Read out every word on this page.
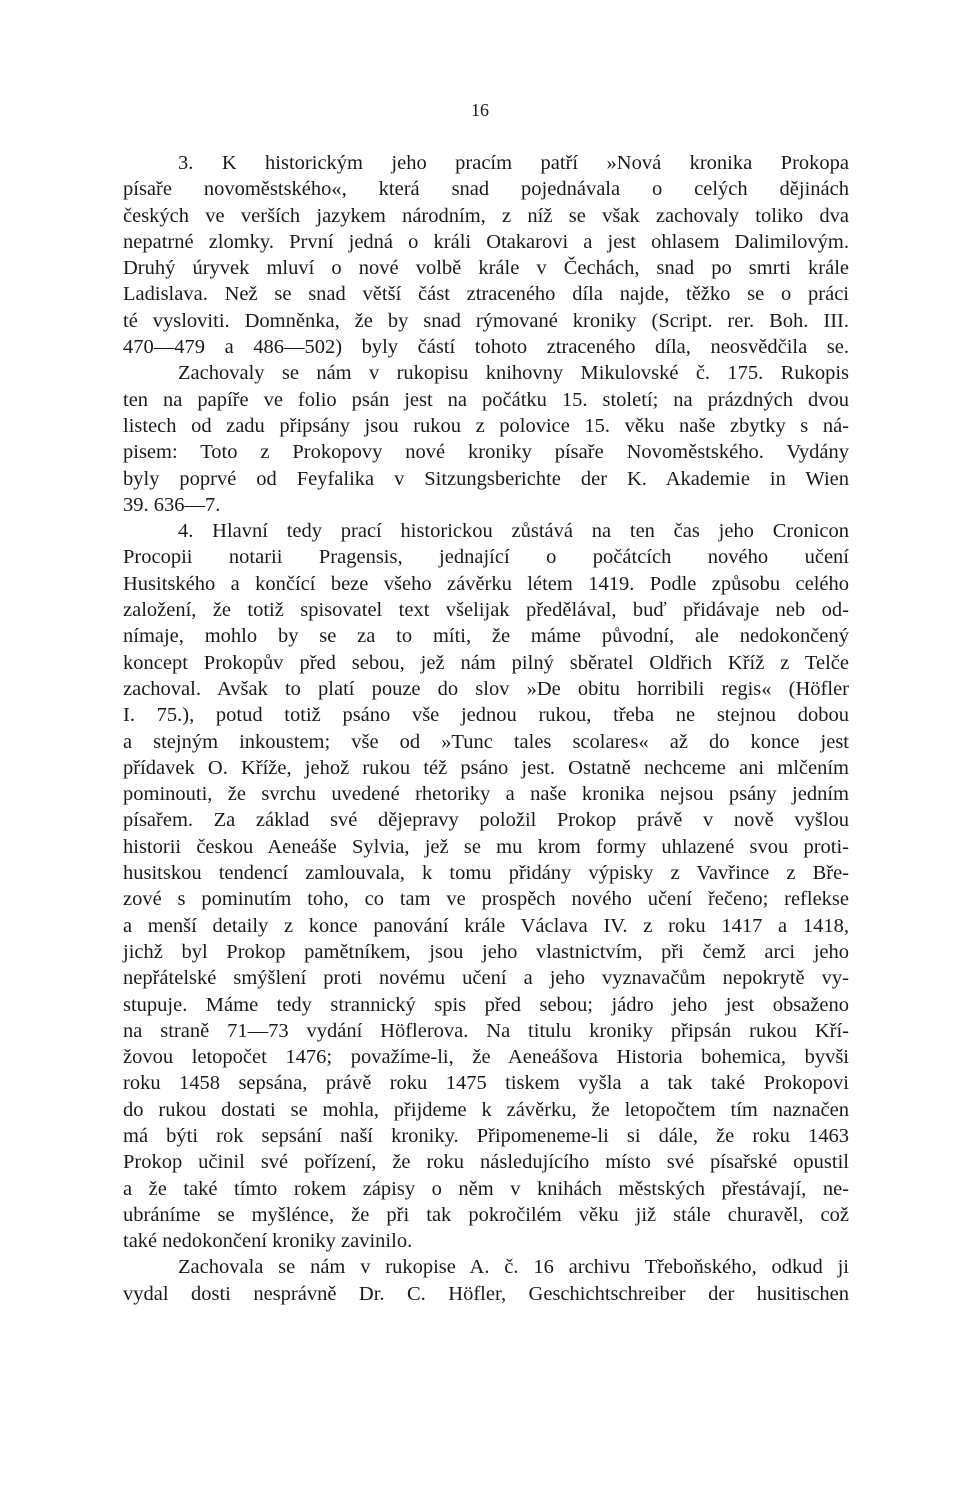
16
3. K historickým jeho pracím patří »Nová kronika Prokopa
písaře novoměstského«, která snad pojednávala o celých dějinách
českých ve verších jazykem národním, z níž se však zachovaly toliko dva
nepatrné zlomky. První jedná o králi Otakarovi a jest ohlasem Dalimilovým.
Druhý úryvek mluví o nové volbě krále v Čechách, snad po smrti krále
Ladislava. Než se snad větší část ztraceného díla najde, těžko se o práci
té vysloviti. Domněnka, že by snad rýmované kroniky (Script. rer. Boh. III.
470—479 a 486—502) byly částí tohoto ztraceného díla, neosvědčila se.
Zachovaly se nám v rukopisu knihovny Mikulovské č. 175. Rukopis
ten na papíře ve folio psán jest na počátku 15. století; na prázdných dvou
listech od zadu připsány jsou rukou z polovice 15. věku naše zbytky s ná-
pisem: Toto z Prokopovy nové kroniky písaře Novoměstského. Vydány
byly poprvé od Feyfalika v Sitzungsberichte der K. Akademie in Wien
39. 636—7.
4. Hlavní tedy prací historickou zůstává na ten čas jeho Cronicon
Procopii notarii Pragensis, jednající o počátcích nového učení
Husitského a končící beze všeho závěrku létem 1419. Podle způsobu celého
založení, že totiž spisovatel text všelijak předělával, buď přidávaje neb od-
nímaje, mohlo by se za to míti, že máme původní, ale nedokončený
koncept Prokopův před sebou, jež nám pilný sběratel Oldřich Kříž z Telče
zachoval. Avšak to platí pouze do slov »De obitu horribili regis« (Höfler
I. 75.), potud totiž psáno vše jednou rukou, třeba ne stejnou dobou
a stejným inkoustem; vše od »Tunc tales scolares« až do konce jest
přídavek O. Kříže, jehož rukou též psáno jest. Ostatně nechceme ani mlčením
pominouti, že svrchu uvedené rhetoriky a naše kronika nejsou psány jedním
písařem. Za základ své dějepravy položil Prokop právě v nově vyšlou
historii českou Aeneáše Sylvia, jež se mu krom formy uhlazené svou proti-
husitskou tendencí zamlouvala, k tomu přidány výpisky z Vavřince z Bře-
zové s pominutím toho, co tam ve prospěch nového učení řečeno; reflekse
a menší detaily z konce panování krále Václava IV. z roku 1417 a 1418,
jichž byl Prokop pamětníkem, jsou jeho vlastnictvím, při čemž arci jeho
nepřátelské smýšlení proti novému učení a jeho vyznavačům nepokrytě vy-
stupuje. Máme tedy strannický spis před sebou; jádro jeho jest obsaženo
na straně 71—73 vydání Höflerova. Na titulu kroniky připsán rukou Kří-
žovou letopočet 1476; považíme-li, že Aeneášova Historia bohemica, byvši
roku 1458 sepsána, právě roku 1475 tiskem vyšla a tak také Prokopovi
do rukou dostati se mohla, přijdeme k závěrku, že letopočtem tím naznačen
má býti rok sepsání naší kroniky. Připomeneme-li si dále, že roku 1463
Prokop učinil své pořízení, že roku následujícího místo své písařské opustil
a že také tímto rokem zápisy o něm v knihách městských přestávají, ne-
ubráníme se myšlénce, že při tak pokročilém věku již stále churavěl, což
také nedokončení kroniky zavinilo.
Zachovala se nám v rukopise A. č. 16 archivu Třeboňského, odkud ji
vydal dosti nesprávně Dr. C. Höfler, Geschichtschreiber der husitischen
